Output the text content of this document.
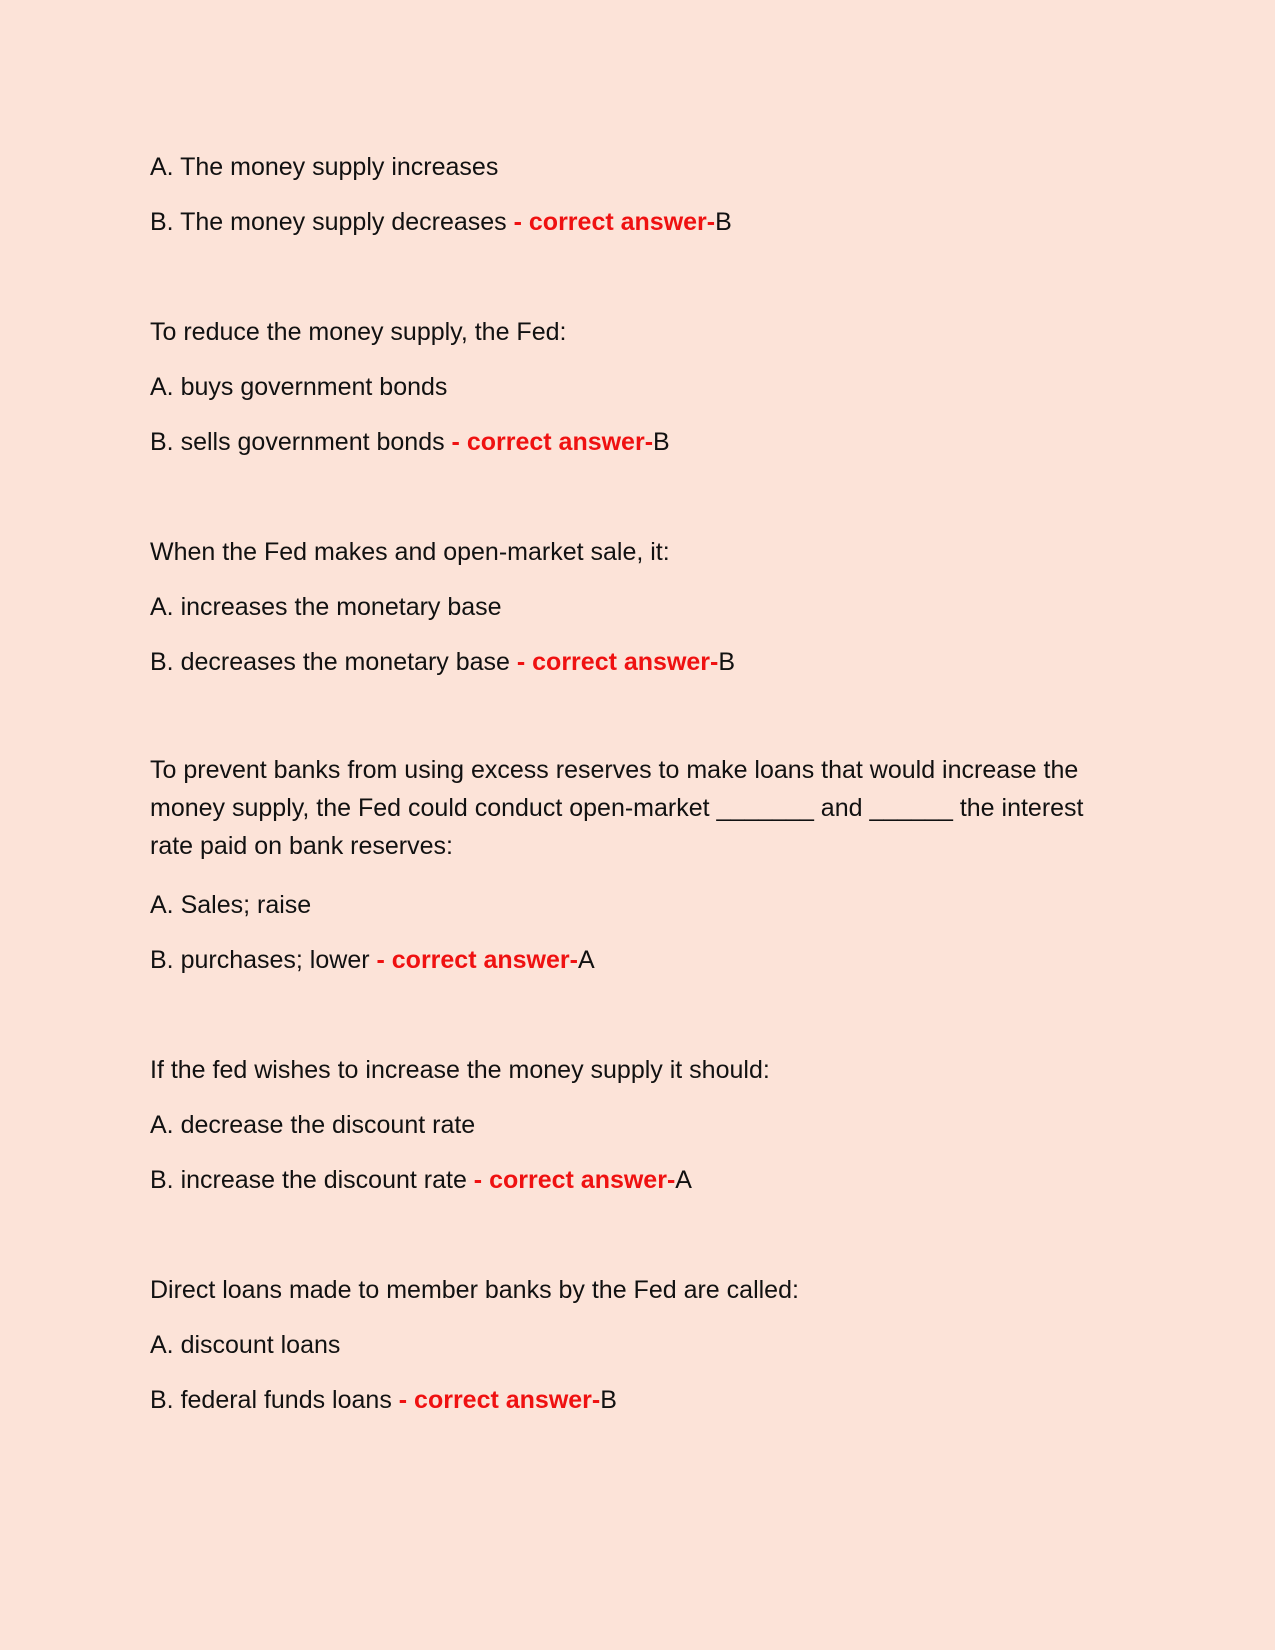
A. The money supply increases
B. The money supply decreases - correct answer-B
To reduce the money supply, the Fed:
A. buys government bonds
B. sells government bonds - correct answer-B
When the Fed makes and open-market sale, it:
A. increases the monetary base
B. decreases the monetary base - correct answer-B
To prevent banks from using excess reserves to make loans that would increase the money supply, the Fed could conduct open-market _______ and ______ the interest rate paid on bank reserves:
A. Sales; raise
B. purchases; lower - correct answer-A
If the fed wishes to increase the money supply it should:
A. decrease the discount rate
B. increase the discount rate - correct answer-A
Direct loans made to member banks by the Fed are called:
A. discount loans
B. federal funds loans - correct answer-B
